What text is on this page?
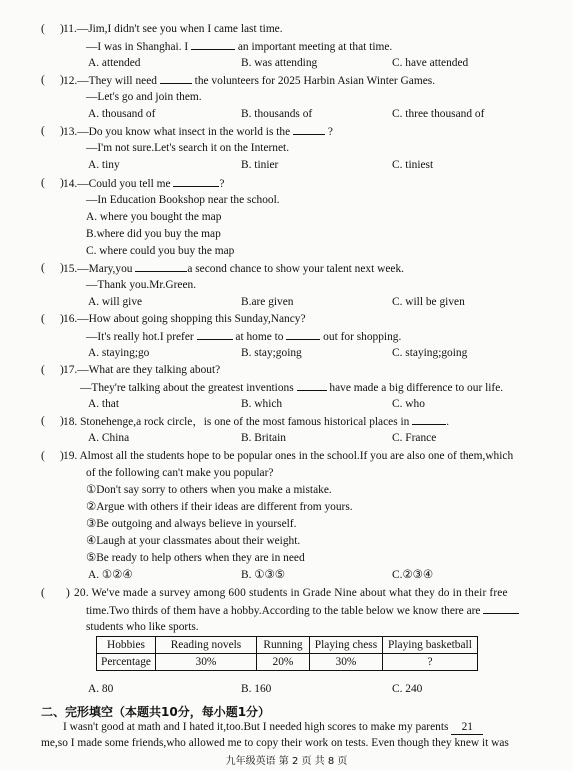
( ) 11.—Jim,I didn't see you when I came last time.
—I was in Shanghai. I	an important meeting at that time.
A. attended	B. was attending	C. have attended
( ) 12.—They will need	the volunteers for 2025 Harbin Asian Winter Games.
—Let's go and join them.
A. thousand of	B. thousands of	C. three thousand of
( ) 13.—Do you know what insect in the world is the	?
—I'm not sure.Let's search it on the Internet.
A. tiny	B. tinier	C. tiniest
( ) 14.—Could you tell me	?
—In Education Bookshop near the school.
A. where you bought the map
B.where did you buy the map
C. where could you buy the map
( ) 15.—Mary,you	a second chance to show your talent next week.
—Thank you.Mr.Green.
A. will give	B.are given	C. will be given
( ) 16.—How about going shopping this Sunday,Nancy?
—It's really hot.I prefer	at home to	out for shopping.
A. staying;go	B. stay;going	C. staying;going
( ) 17.—What are they talking about?
—They're talking about the greatest inventions	have made a big difference to our life.
A. that	B. which	C. who
( ) 18. Stonehenge,a rock circle，is one of the most famous historical places in	.
A. China	B. Britain	C. France
( ) 19. Almost all the students hope to be popular ones in the school.If you are also one of them,which
of the following can't make you popular?
①Don't say sorry to others when you make a mistake.
②Argue with others if their ideas are different from yours.
③Be outgoing and always believe in yourself.
④Laugh at your classmates about their weight.
⑤Be ready to help others when they are in need
A. ①②④	B. ①③⑤	C.②③④
( ) 20. We've made a survey among 600 students in Grade Nine about what they do in their free
time.Two thirds of them have a hobby.According to the table below we know there are
students who like sports.
Hobbies	Reading novels	Running	Playing chess	Playing basketball
Percentage	30%	20%	30%	?
A. 80	B. 160	C. 240
二、完形填空（本题共10分，每小题1分）
I wasn't good at math and I hated it,too.But I needed high scores to make my parents 21
me,so I made some friends,who allowed me to copy their work on tests. Even though they knew it was
九年级英语 第 2 页 共 8 页
